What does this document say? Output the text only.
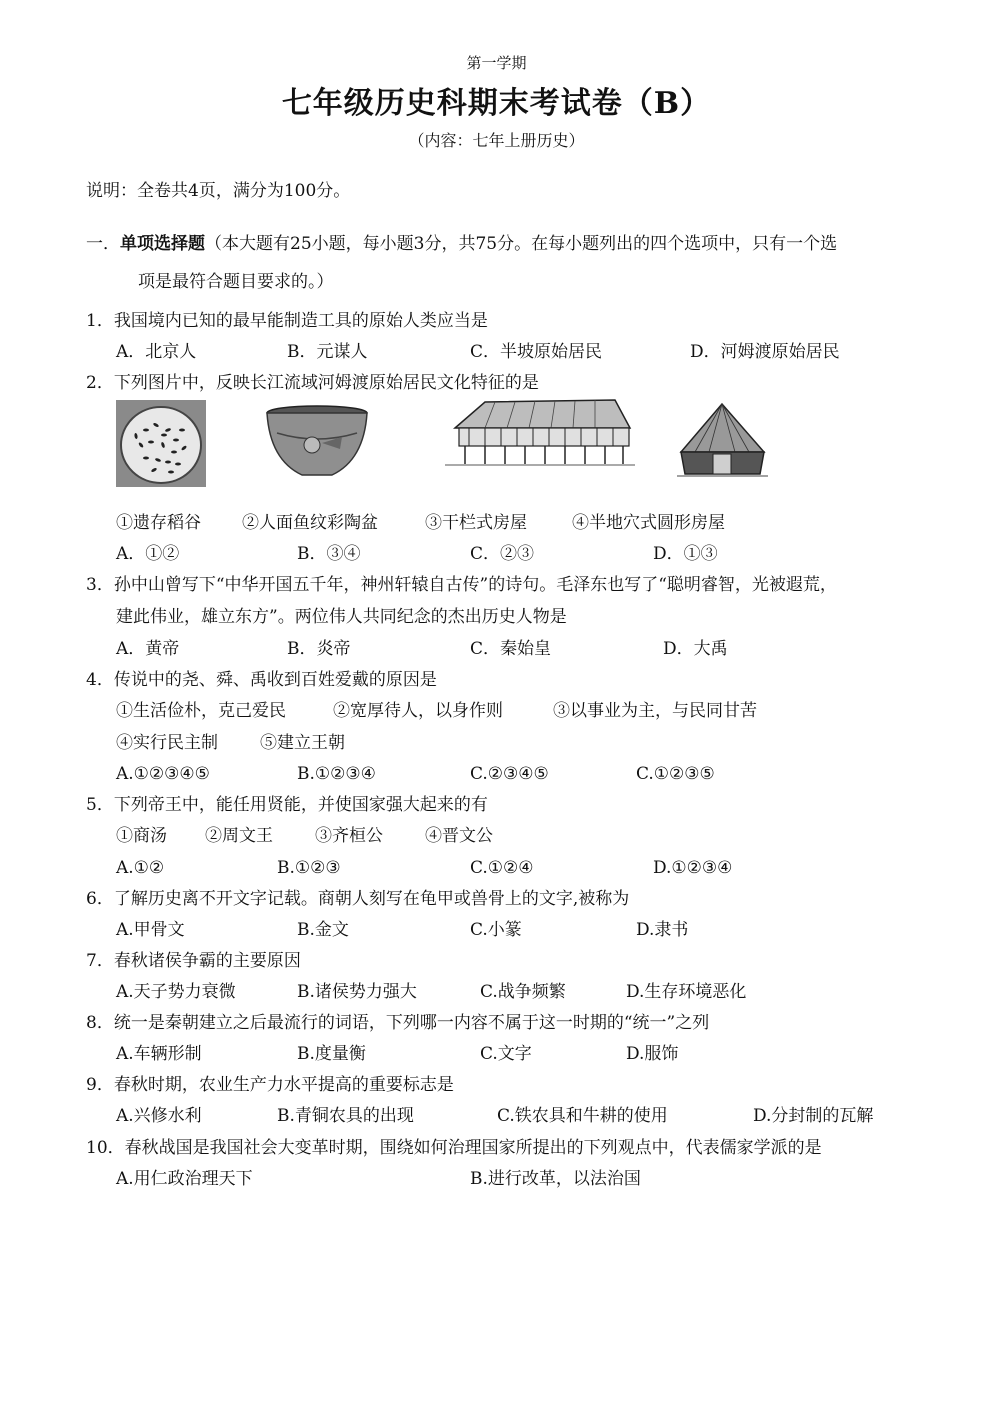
第一学期
七年级历史科期末考试卷（B）
（内容：七年上册历史）
说明：全卷共4页，满分为100分。
一．单项选择题（本大题有25小题，每小题3分，共75分。在每小题列出的四个选项中，只有一个选
项是最符合题目要求的。）
1．我国境内已知的最早能制造工具的原始人类应当是
A．北京人	B．元谋人	C．半坡原始居民	D．河姆渡原始居民
2．下列图片中，反映长江流域河姆渡原始居民文化特征的是
①遗存稻谷 ②人面鱼纹彩陶盆	③干栏式房屋	④半地穴式圆形房屋
A．①②	B．③④	C．②③	D．①③
3．孙中山曾写下“中华开国五千年，神州轩辕自古传”的诗句。毛泽东也写了“聪明睿智，光被遐荒，
建此伟业，雄立东方”。两位伟人共同纪念的杰出历史人物是
A．黄帝	B．炎帝	C．秦始皇	D．大禹
4．传说中的尧、舜、禹收到百姓爱戴的原因是
①生活俭朴，克己爱民	②宽厚待人，以身作则	③以事业为主，与民同甘苦
④实行民主制 ⑤建立王朝
A.①②③④⑤	B.①②③④	C.②③④⑤	C.①②③⑤
5．下列帝王中，能任用贤能，并使国家强大起来的有
①商汤 ②周文王 ③齐桓公 ④晋文公
A.①②	B.①②③	C.①②④	D.①②③④
6．了解历史离不开文字记载。商朝人刻写在龟甲或兽骨上的文字,被称为
A.甲骨文	B.金文	C.小篆	D.隶书
7．春秋诸侯争霸的主要原因
A.天子势力衰微	B.诸侯势力强大	C.战争频繁	D.生存环境恶化
8．统一是秦朝建立之后最流行的词语，下列哪一内容不属于这一时期的“统一”之列
A.车辆形制	B.度量衡	C.文字	D.服饰
9．春秋时期，农业生产力水平提高的重要标志是
A.兴修水利	B.青铜农具的出现	C.铁农具和牛耕的使用	D.分封制的瓦解
10．春秋战国是我国社会大变革时期，围绕如何治理国家所提出的下列观点中，代表儒家学派的是
A.用仁政治理天下	B.进行改革，以法治国
